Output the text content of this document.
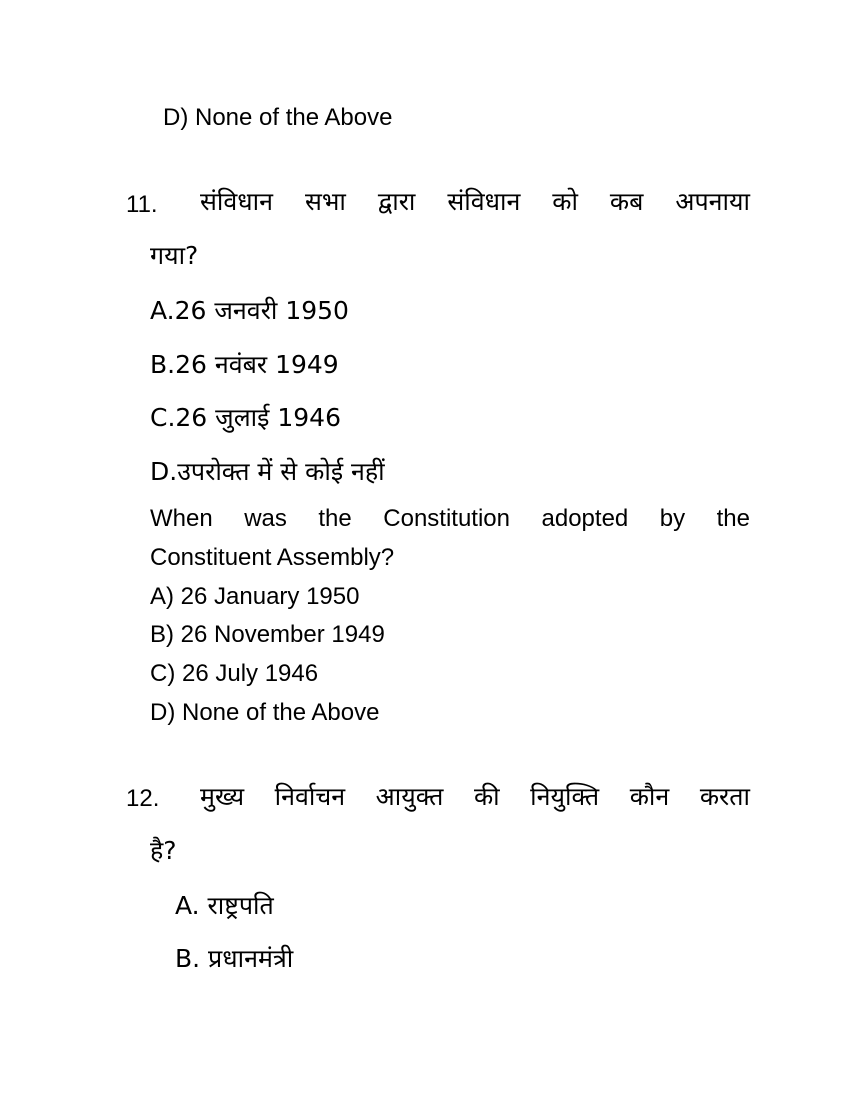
D) None of the Above
11. संविधान सभा द्वारा संविधान को कब अपनाया
गया?
A.26 जनवरी 1950
B.26 नवंबर 1949
C.26 जुलाई 1946
D.उपरोक्त में से कोई नहीं
When was the Constitution adopted by the
Constituent Assembly?
A) 26 January 1950
B) 26 November 1949
C) 26 July 1946
D) None of the Above
12. मुख्य निर्वाचन आयुक्त की नियुक्ति कौन करता
है?
A. राष्ट्रपति
B. प्रधानमंत्री
